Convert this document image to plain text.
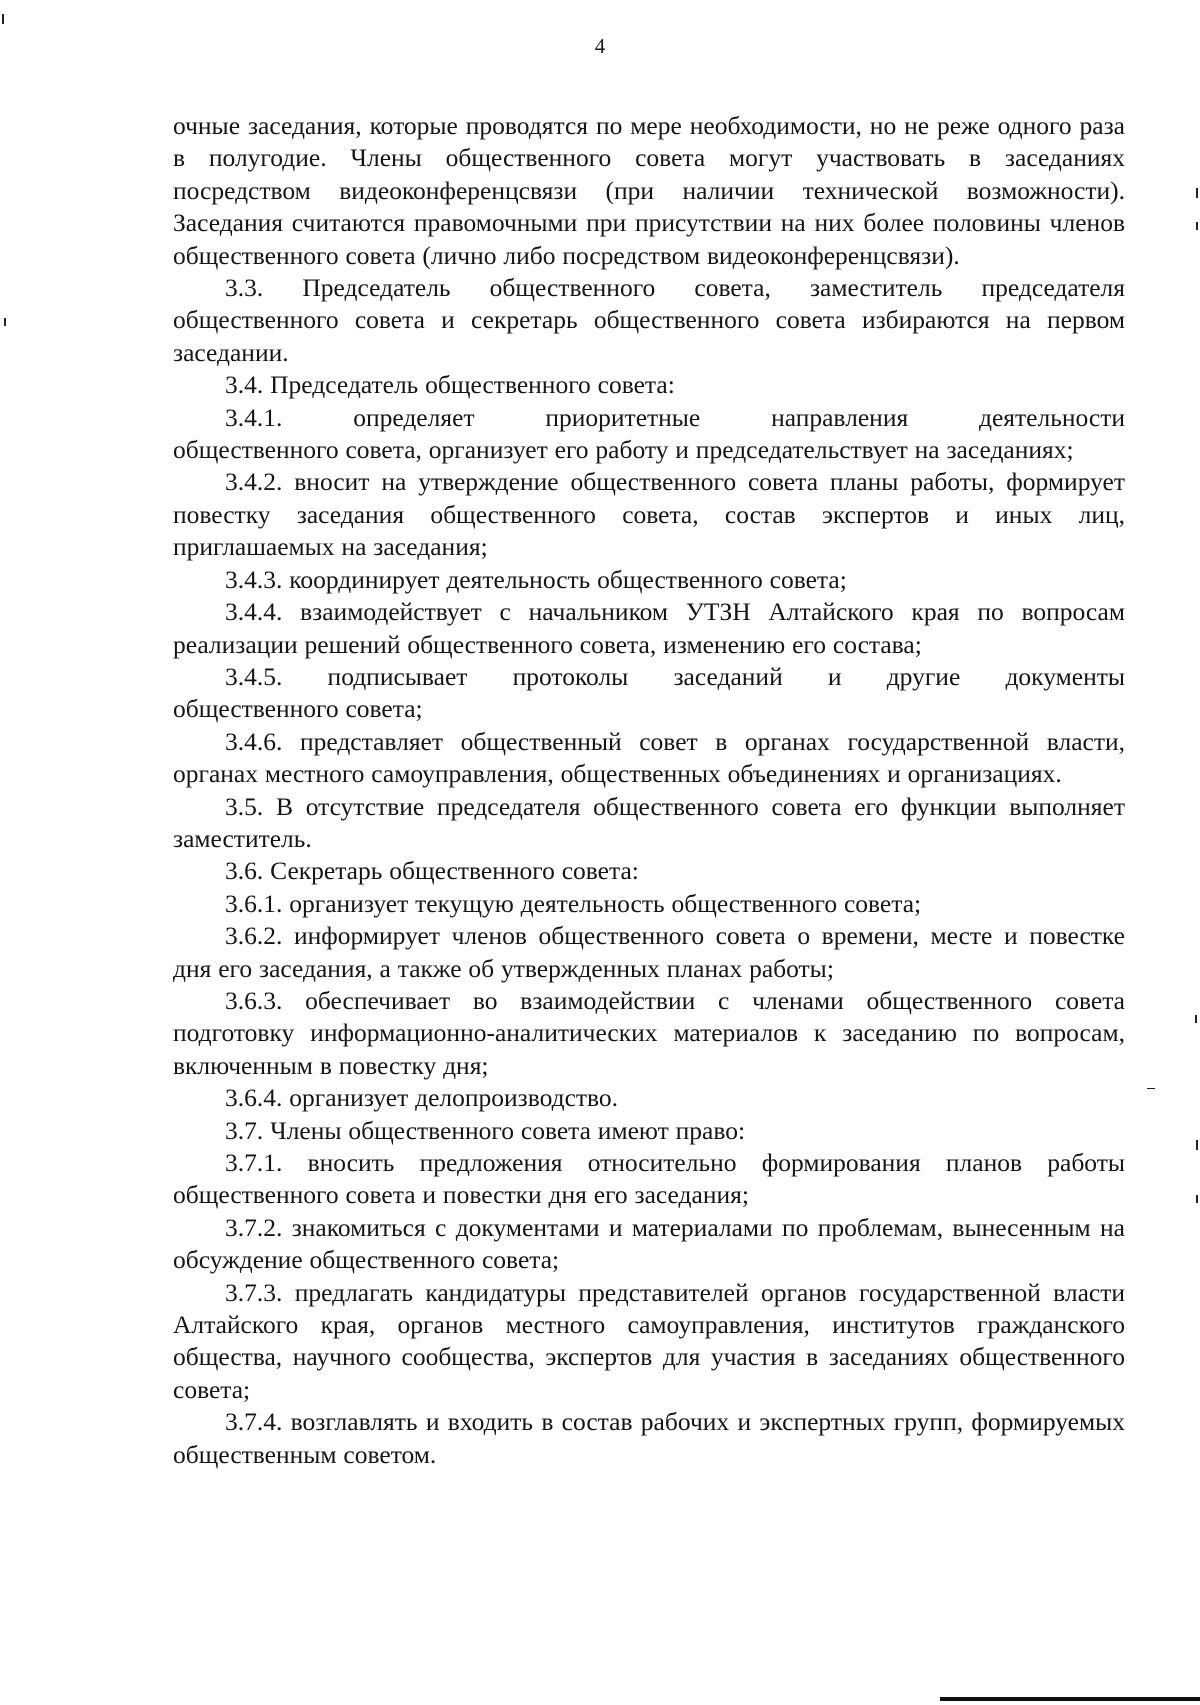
4

очные заседания, которые проводятся по мере необходимости, но не реже одного раза в полугодие. Члены общественного совета могут участвовать в заседаниях посредством видеоконференцсвязи (при наличии технической возможности). Заседания считаются правомочными при присутствии на них более половины членов общественного совета (лично либо посредством видеоконференцсвязи).

3.3. Председатель общественного совета, заместитель председателя общественного совета и секретарь общественного совета избираются на первом заседании.

3.4. Председатель общественного совета:

3.4.1. определяет приоритетные направления деятельности

общественного совета, организует его работу и председательствует на заседаниях;

3.4.2. вносит на утверждение общественного совета планы работы, формирует повестку заседания общественного совета, состав экспертов и иных лиц, приглашаемых на заседания;

3.4.3. координирует деятельность общественного совета;

3.4.4. взаимодействует с начальником УТЗН Алтайского края по вопросам реализации решений общественного совета, изменению его состава;

3.4.5. подписывает протоколы заседаний и другие документы

общественного совета;

3.4.6. представляет общественный совет в органах государственной власти, органах местного самоуправления, общественных объединениях и организациях.

3.5. В отсутствие председателя общественного совета его функции выполняет заместитель.

3.6. Секретарь общественного совета:

3.6.1. организует текущую деятельность общественного совета;

3.6.2. информирует членов общественного совета о времени, месте и повестке дня его заседания, а также об утвержденных планах работы;

3.6.3. обеспечивает во взаимодействии с членами общественного совета подготовку информационно-аналитических материалов к заседанию по вопросам, включенным в повестку дня;

3.6.4. организует делопроизводство.

3.7. Члены общественного совета имеют право:

3.7.1. вносить предложения относительно формирования планов работы общественного совета и повестки дня его заседания;

3.7.2. знакомиться с документами и материалами по проблемам, вынесенным на обсуждение общественного совета;

3.7.3. предлагать кандидатуры представителей органов государственной власти Алтайского края, органов местного самоуправления, институтов гражданского общества, научного сообщества, экспертов для участия в заседаниях общественного совета;

3.7.4. возглавлять и входить в состав рабочих и экспертных групп, формируемых общественным советом.
